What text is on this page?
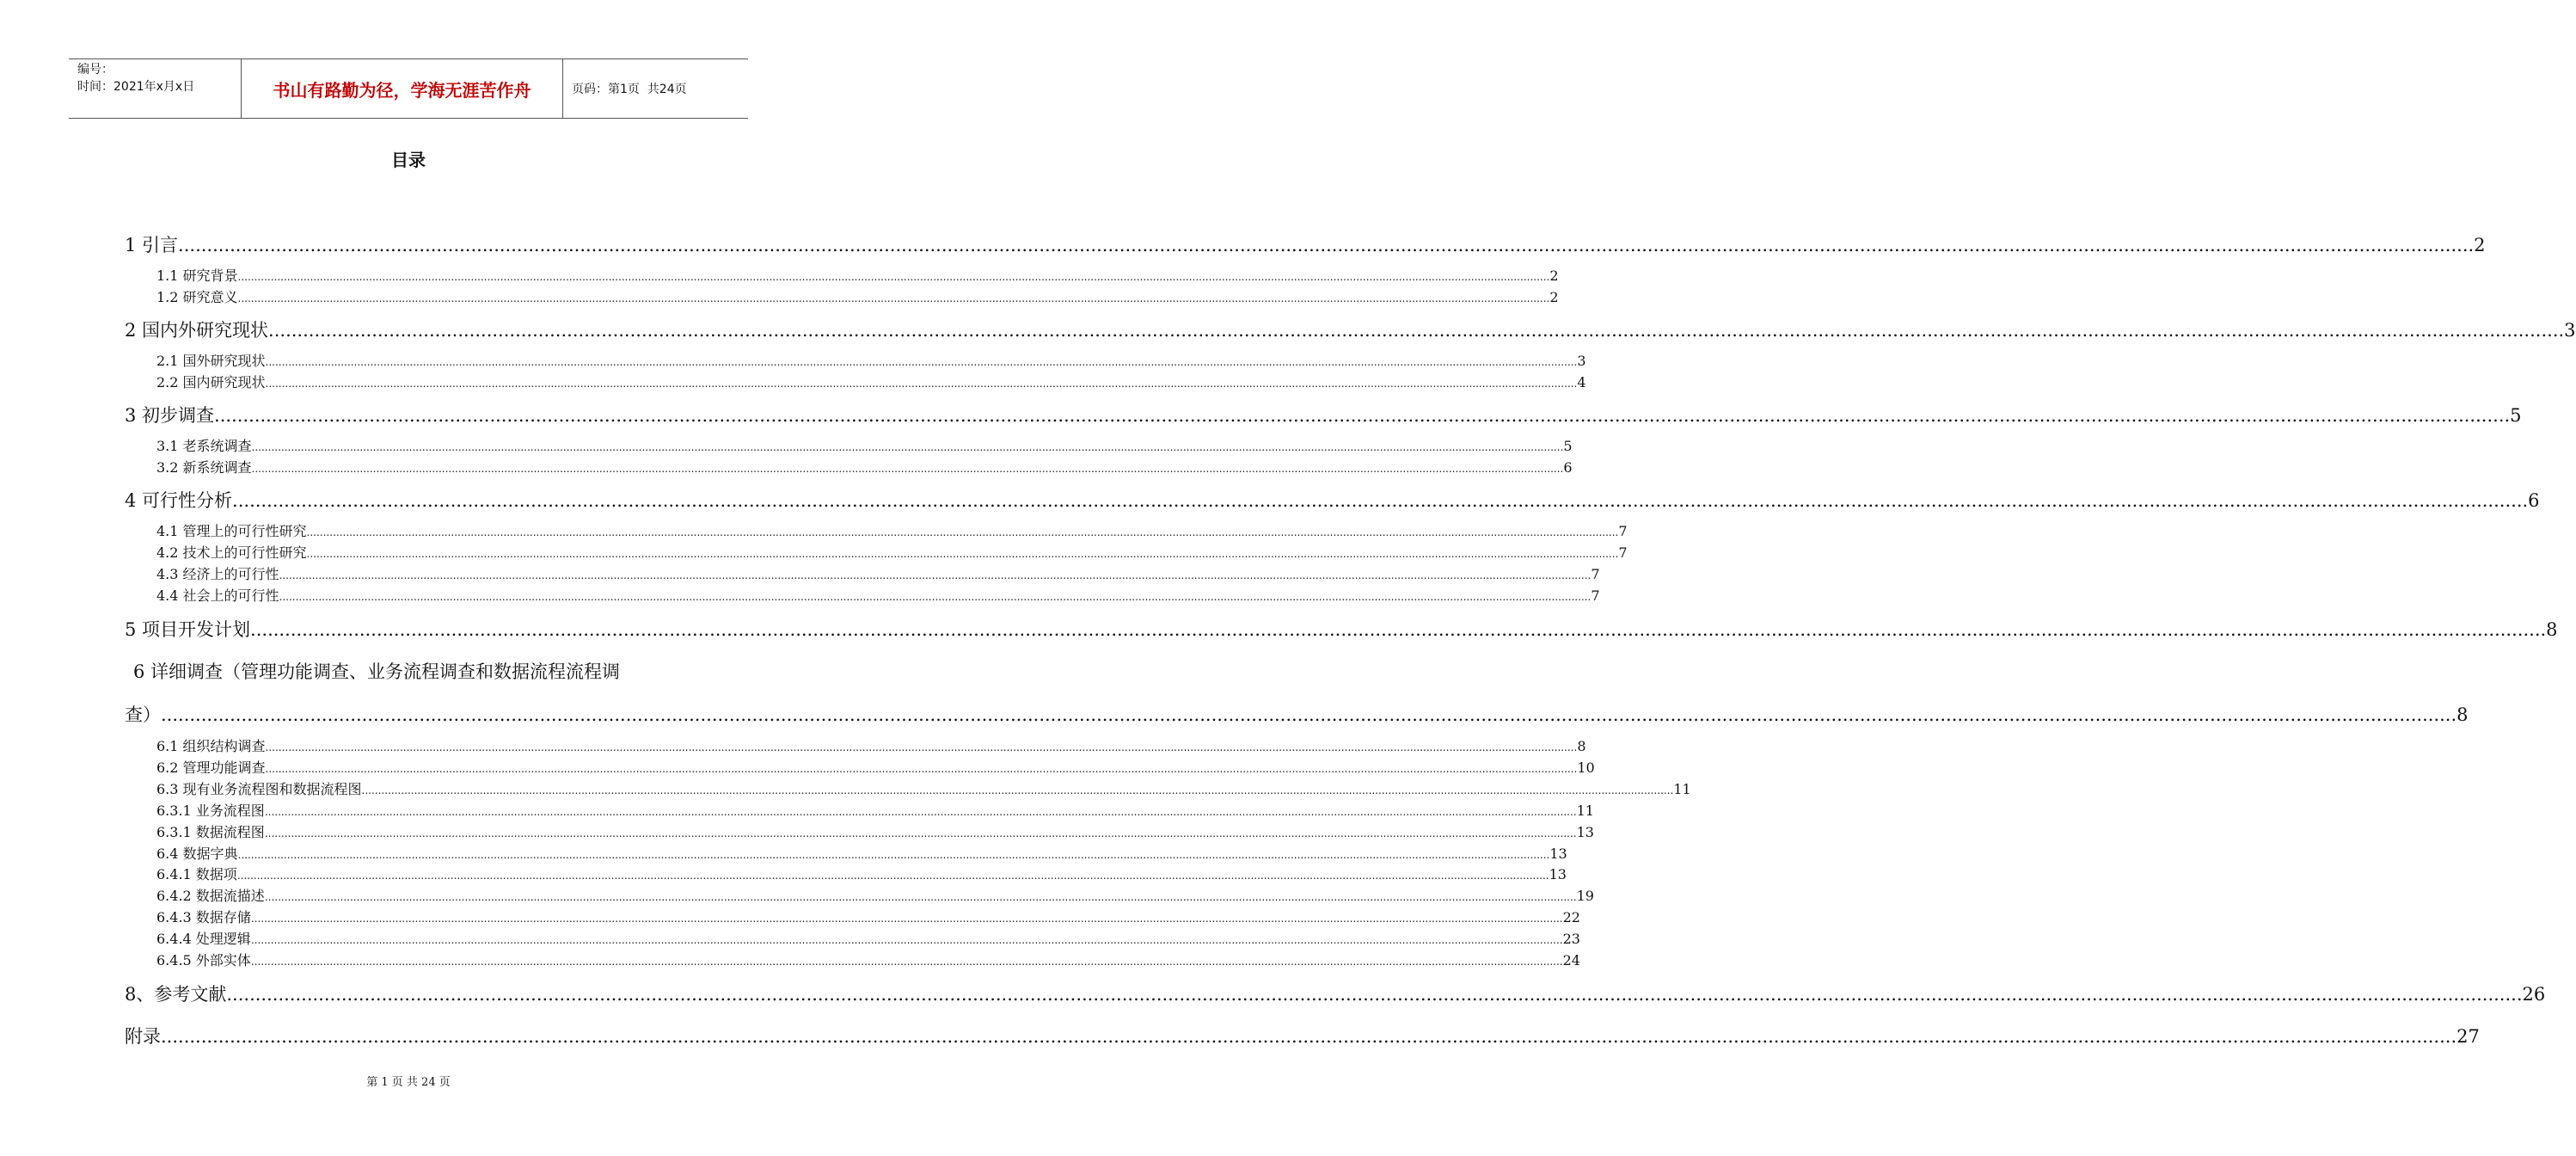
编号：
时间：2021年x月x日	书山有路勤为径，学海无涯苦作舟	页码：第1页  共24页
目录
1 引言 ................................................................................................................................................................................................................................................................................................................................................................................................................ 2
1.1 研究背景 ................................................................................................................................................................................................................................................................................................................................................................................................................ 2
1.2 研究意义 ................................................................................................................................................................................................................................................................................................................................................................................................................ 2
2 国内外研究现状 ................................................................................................................................................................................................................................................................................................................................................................................................................ 3
2.1 国外研究现状 ................................................................................................................................................................................................................................................................................................................................................................................................................ 3
2.2 国内研究现状 ................................................................................................................................................................................................................................................................................................................................................................................................................ 4
3 初步调查 ................................................................................................................................................................................................................................................................................................................................................................................................................ 5
3.1 老系统调查 ................................................................................................................................................................................................................................................................................................................................................................................................................ 5
3.2 新系统调查 ................................................................................................................................................................................................................................................................................................................................................................................................................ 6
4 可行性分析 ................................................................................................................................................................................................................................................................................................................................................................................................................ 6
4.1 管理上的可行性研究 ................................................................................................................................................................................................................................................................................................................................................................................................................ 7
4.2 技术上的可行性研究 ................................................................................................................................................................................................................................................................................................................................................................................................................ 7
4.3 经济上的可行性 ................................................................................................................................................................................................................................................................................................................................................................................................................ 7
4.4 社会上的可行性 ................................................................................................................................................................................................................................................................................................................................................................................................................ 7
5 项目开发计划 ................................................................................................................................................................................................................................................................................................................................................................................................................ 8
6 详细调查（管理功能调查、业务流程调查和数据流程流程调
查） ................................................................................................................................................................................................................................................................................................................................................................................................................ 8
6.1 组织结构调查 ................................................................................................................................................................................................................................................................................................................................................................................................................ 8
6.2 管理功能调查 ................................................................................................................................................................................................................................................................................................................................................................................................................ 10
6.3 现有业务流程图和数据流程图 ................................................................................................................................................................................................................................................................................................................................................................................................................ 11
6.3.1 业务流程图 ................................................................................................................................................................................................................................................................................................................................................................................................................ 11
6.3.1 数据流程图 ................................................................................................................................................................................................................................................................................................................................................................................................................ 13
6.4 数据字典 ................................................................................................................................................................................................................................................................................................................................................................................................................ 13
6.4.1 数据项 ................................................................................................................................................................................................................................................................................................................................................................................................................ 13
6.4.2 数据流描述 ................................................................................................................................................................................................................................................................................................................................................................................................................ 19
6.4.3 数据存储 ................................................................................................................................................................................................................................................................................................................................................................................................................ 22
6.4.4 处理逻辑 ................................................................................................................................................................................................................................................................................................................................................................................................................ 23
6.4.5 外部实体 ................................................................................................................................................................................................................................................................................................................................................................................................................ 24
8、参考文献 ................................................................................................................................................................................................................................................................................................................................................................................................................ 26
附录 ................................................................................................................................................................................................................................................................................................................................................................................................................ 27
第 1 页 共 24 页
